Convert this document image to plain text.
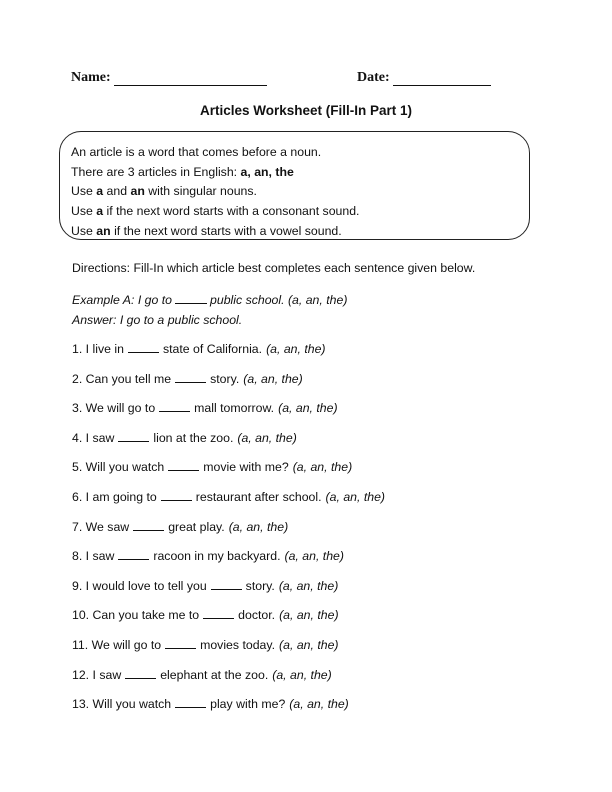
Name:	Date:
Articles Worksheet (Fill-In Part 1)
An article is a word that comes before a noun.
There are 3 articles in English: a, an, the
Use a and an with singular nouns.
Use a if the next word starts with a consonant sound.
Use an if the next word starts with a vowel sound.
Directions: Fill-In which article best completes each sentence given below.
Example A: I go to	public school. (a, an, the)
Answer: I go to a public school.
1. I live in	state of California. (a, an, the)
2. Can you tell me	story. (a, an, the)
3. We will go to	mall tomorrow. (a, an, the)
4. I saw	lion at the zoo. (a, an, the)
5. Will you watch	movie with me? (a, an, the)
6. I am going to	restaurant after school. (a, an, the)
7. We saw	great play. (a, an, the)
8. I saw	racoon in my backyard. (a, an, the)
9. I would love to tell you	story. (a, an, the)
10. Can you take me to	doctor. (a, an, the)
11. We will go to	movies today. (a, an, the)
12. I saw	elephant at the zoo. (a, an, the)
13. Will you watch	play with me? (a, an, the)
